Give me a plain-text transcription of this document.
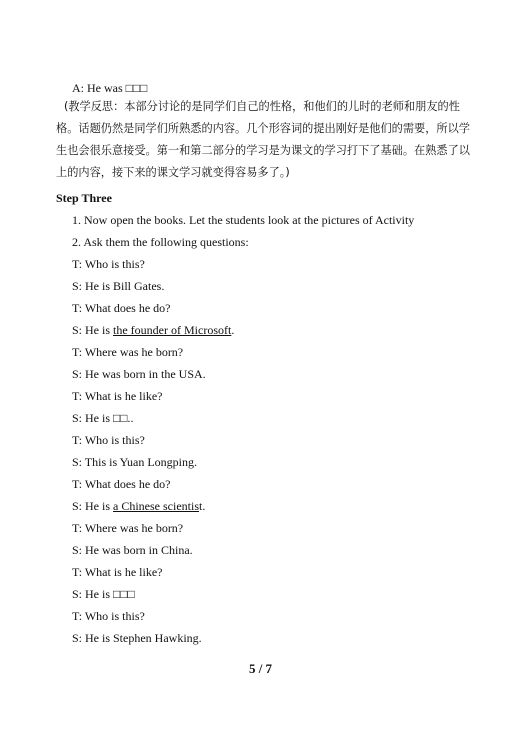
A: He was □□□
(教学反思：本部分讨论的是同学们自己的性格，和他们的儿时的老师和朋友的性格。话题仍然是同学们所熟悉的内容。几个形容词的提出刚好是他们的需要，所以学生也会很乐意接受。第一和第二部分的学习是为课文的学习打下了基础。在熟悉了以上的内容，接下来的课文学习就变得容易多了。)
Step Three
1. Now open the books. Let the students look at the pictures of Activity
2. Ask them the following questions:
T: Who is this?
S: He is Bill Gates.
T: What does he do?
S: He is the founder of Microsoft.
T: Where was he born?
S: He was born in the USA.
T: What is he like?
S: He is □□..
T: Who is this?
S: This is Yuan Longping.
T: What does he do?
S: He is a Chinese scientist.
T: Where was he born?
S: He was born in China.
T: What is he like?
S: He is □□□
T: Who is this?
S: He is Stephen Hawking.
5 / 7
